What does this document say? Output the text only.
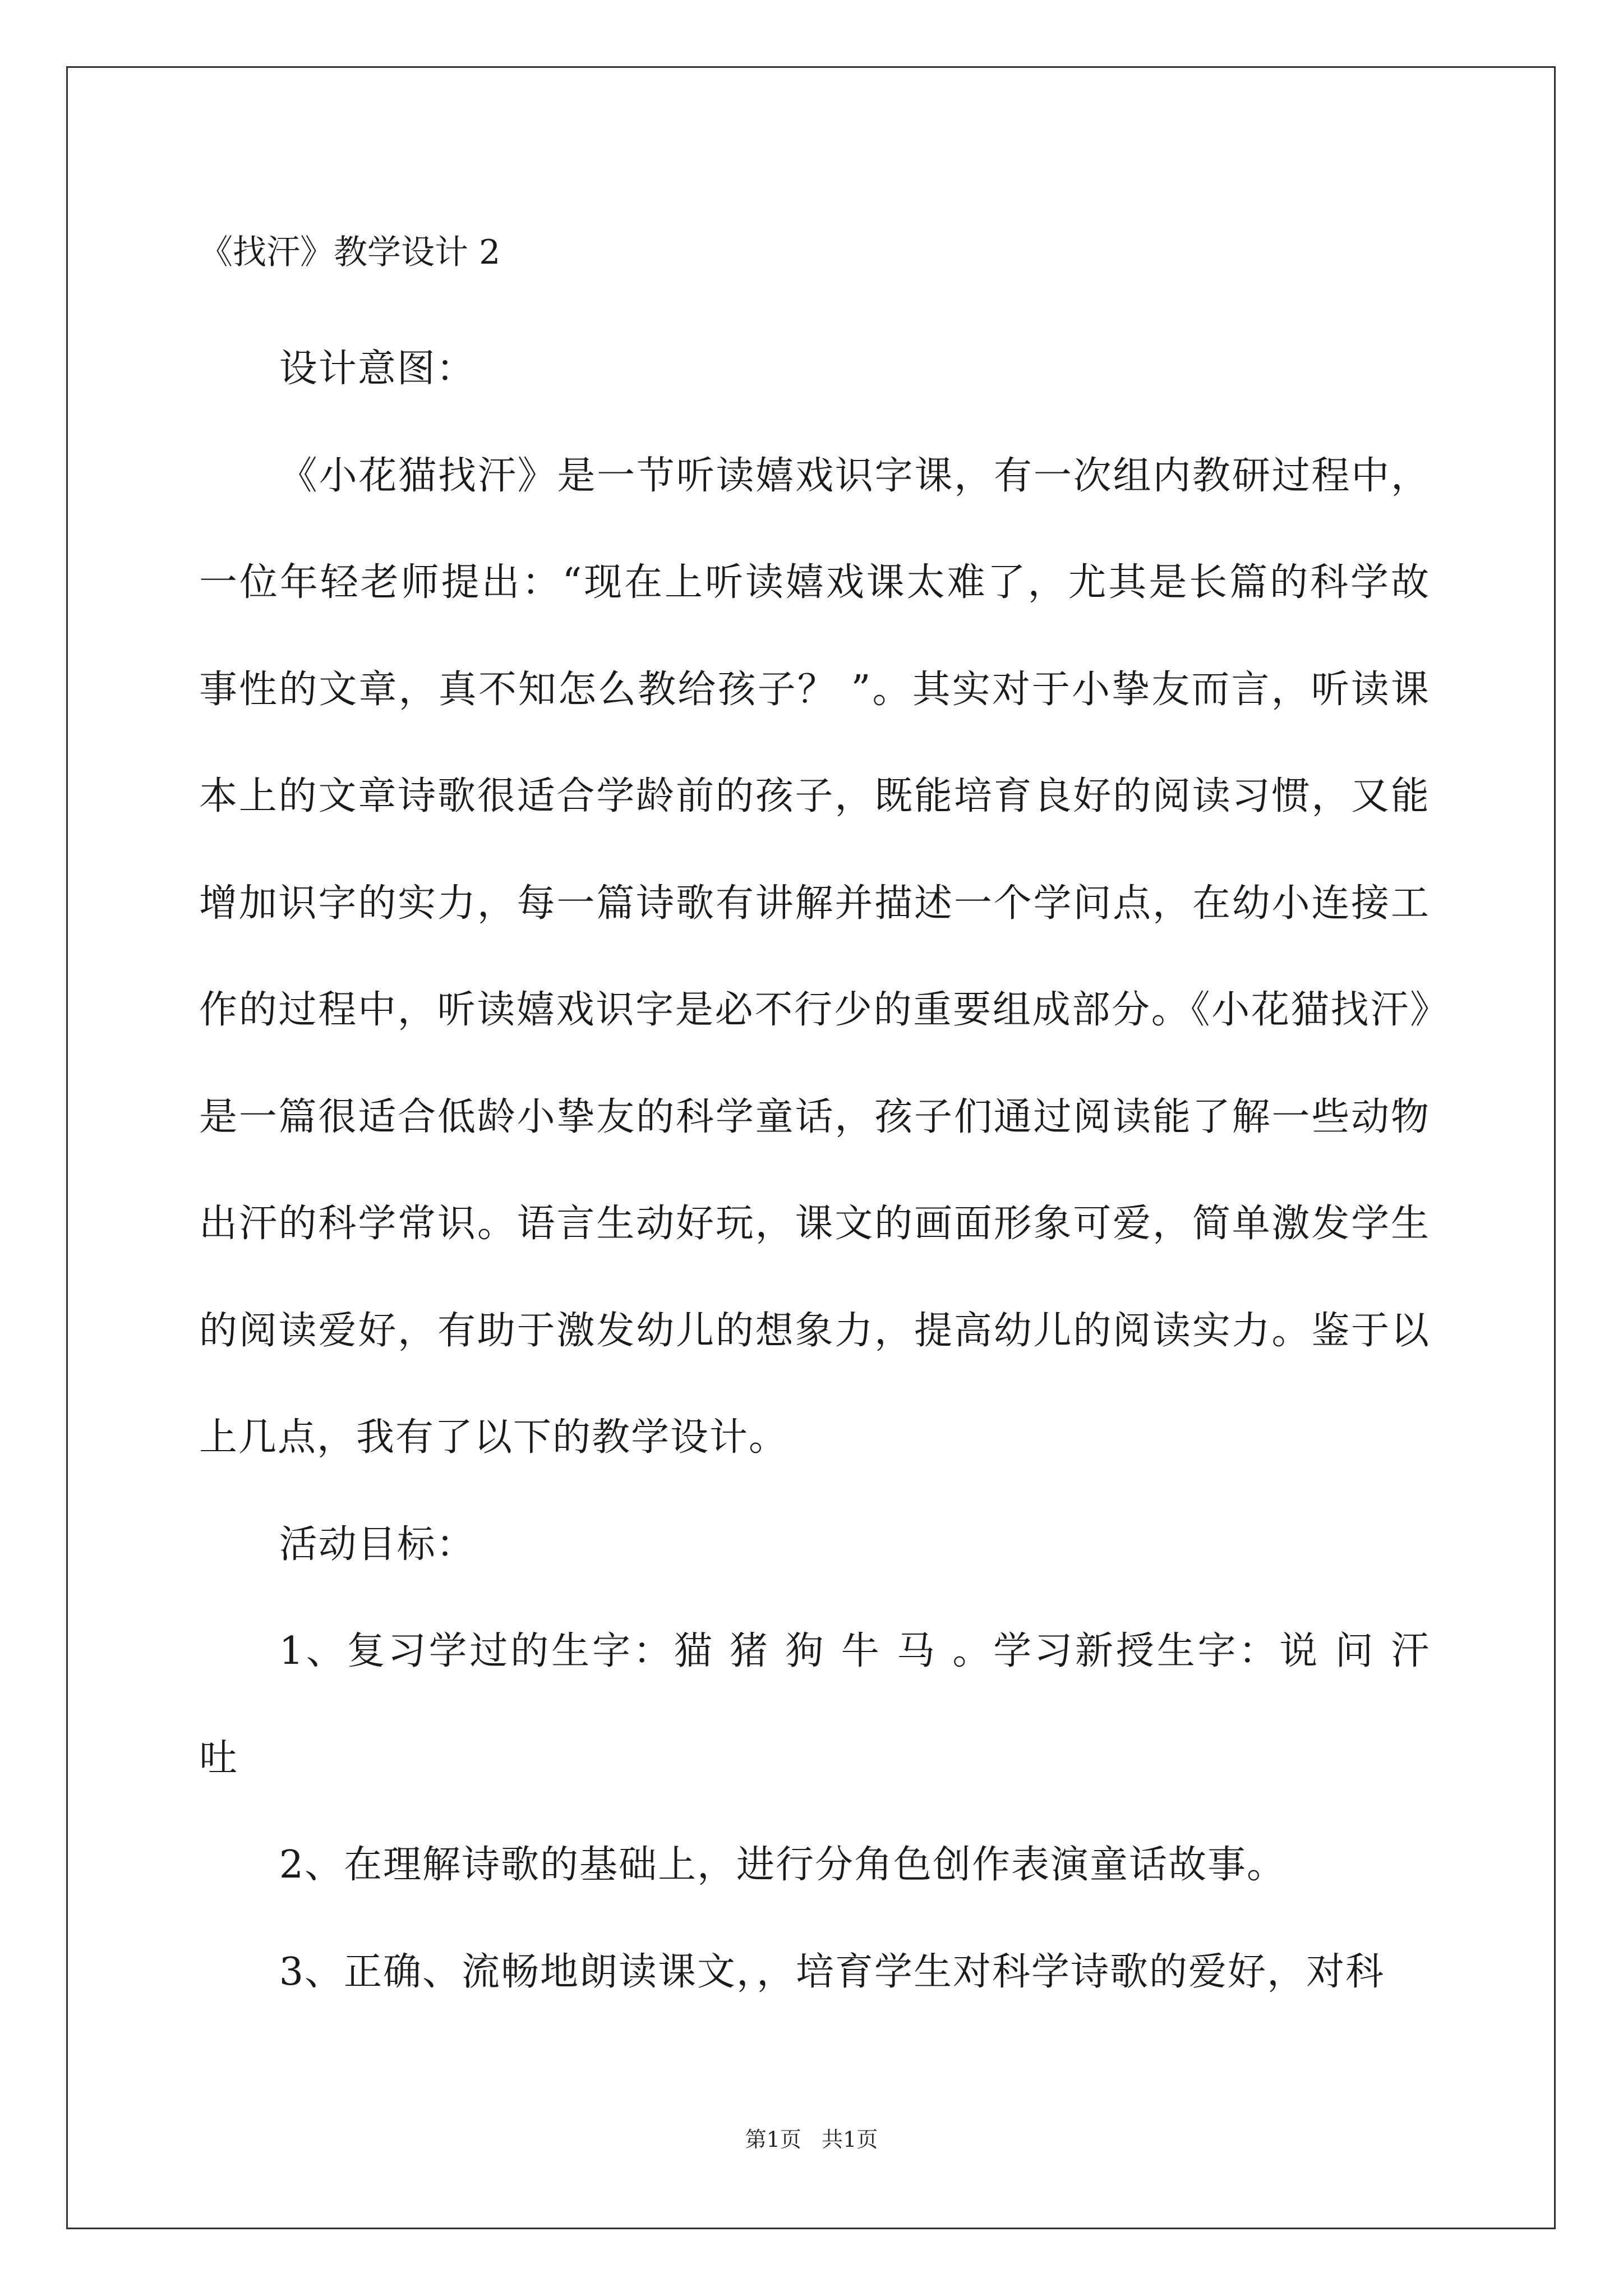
《找汗》教学设计 2

设计意图：

《小花猫找汗》是一节听读嬉戏识字课，有一次组内教研过程中，一位年轻老师提出：“现在上听读嬉戏课太难了，尤其是长篇的科学故事性的文章，真不知怎么教给孩子？ ”。其实对于小挚友而言，听读课本上的文章诗歌很适合学龄前的孩子，既能培育良好的阅读习惯，又能增加识字的实力，每一篇诗歌有讲解并描述一个学问点，在幼小连接工作的过程中，听读嬉戏识字是必不行少的重要组成部分。《小花猫找汗》是一篇很适合低龄小挚友的科学童话，孩子们通过阅读能了解一些动物出汗的科学常识。语言生动好玩，课文的画面形象可爱，简单激发学生的阅读爱好，有助于激发幼儿的想象力，提高幼儿的阅读实力。鉴于以上几点，我有了以下的教学设计。

活动目标：

1、复习学过的生字：猫 猪 狗 牛 马 。学习新授生字：说 问 汗 吐

2、在理解诗歌的基础上，进行分角色创作表演童话故事。

3、正确、流畅地朗读课文，，培育学生对科学诗歌的爱好，对科

第1页   共1页
